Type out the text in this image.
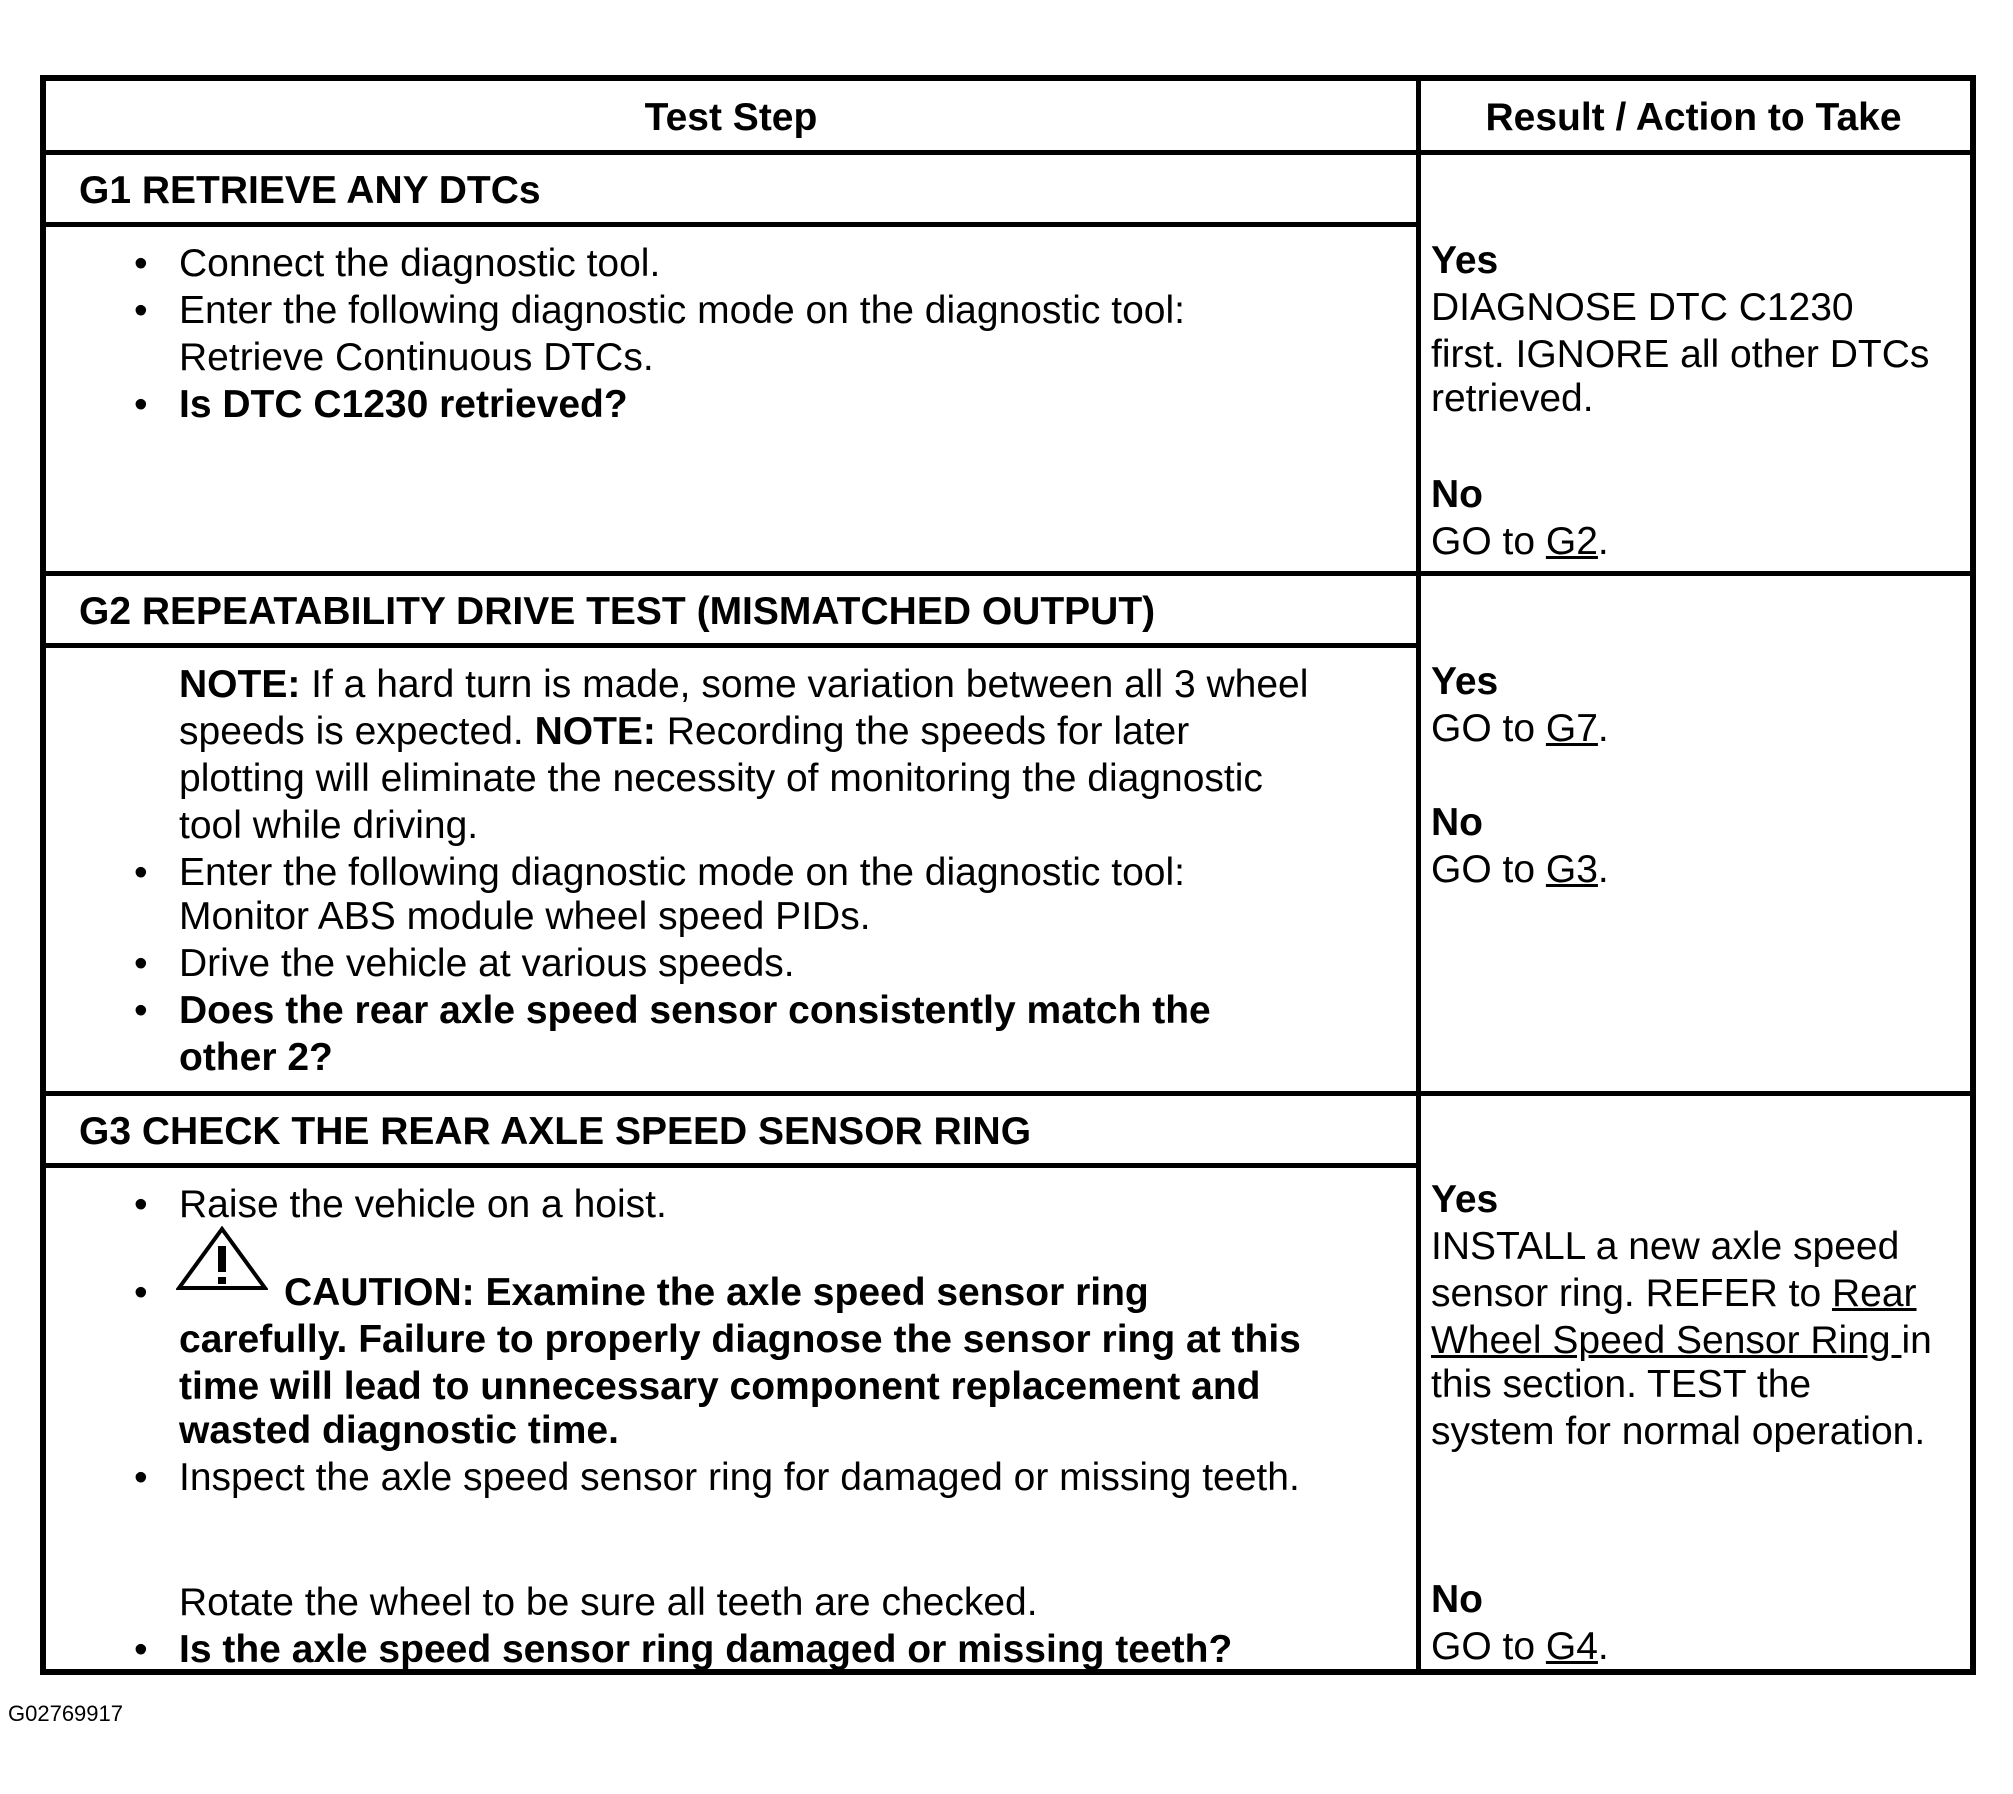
Test Step	Result / Action to Take
G1 RETRIEVE ANY DTCs
• Connect the diagnostic tool.
• Enter the following diagnostic mode on the diagnostic tool:
Retrieve Continuous DTCs.
• Is DTC C1230 retrieved?
Yes
DIAGNOSE DTC C1230
first. IGNORE all other DTCs
retrieved.
No
GO to G2.
G2 REPEATABILITY DRIVE TEST (MISMATCHED OUTPUT)
NOTE: If a hard turn is made, some variation between all 3 wheel
speeds is expected. NOTE: Recording the speeds for later
plotting will eliminate the necessity of monitoring the diagnostic
tool while driving.
• Enter the following diagnostic mode on the diagnostic tool:
Monitor ABS module wheel speed PIDs.
• Drive the vehicle at various speeds.
• Does the rear axle speed sensor consistently match the
other 2?
Yes
GO to G7.
No
GO to G3.
G3 CHECK THE REAR AXLE SPEED SENSOR RING
• Raise the vehicle on a hoist.
•	CAUTION: Examine the axle speed sensor ring
carefully. Failure to properly diagnose the sensor ring at this
time will lead to unnecessary component replacement and
wasted diagnostic time.
• Inspect the axle speed sensor ring for damaged or missing teeth.
Rotate the wheel to be sure all teeth are checked.
• Is the axle speed sensor ring damaged or missing teeth?
Yes
INSTALL a new axle speed
sensor ring. REFER to Rear
Wheel Speed Sensor Ring in
this section. TEST the
system for normal operation.
No
GO to G4.
G02769917
